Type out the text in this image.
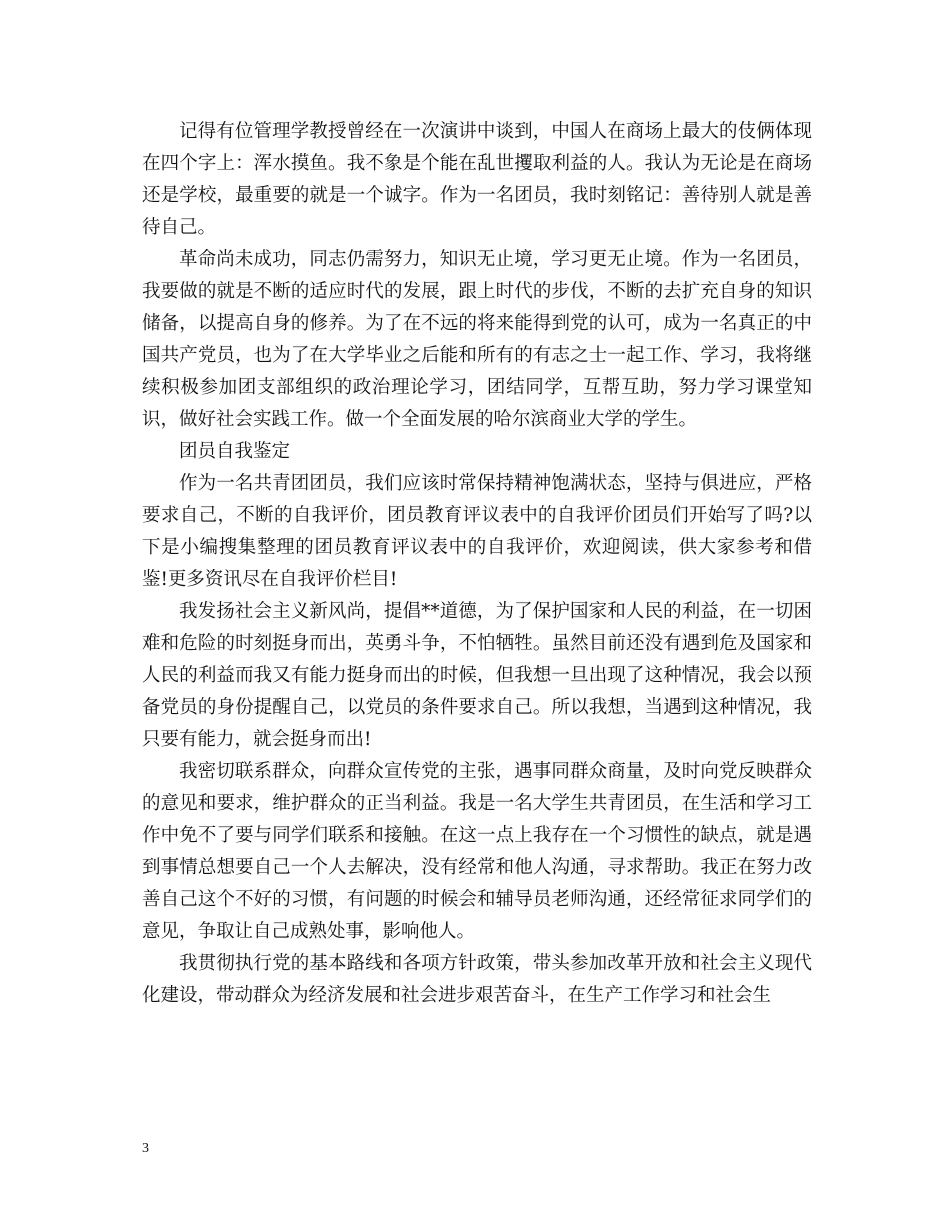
记得有位管理学教授曾经在一次演讲中谈到，中国人在商场上最大的伎俩体现在四个字上：浑水摸鱼。我不象是个能在乱世攫取利益的人。我认为无论是在商场还是学校，最重要的就是一个诚字。作为一名团员，我时刻铭记：善待别人就是善待自己。

革命尚未成功，同志仍需努力，知识无止境，学习更无止境。作为一名团员，我要做的就是不断的适应时代的发展，跟上时代的步伐，不断的去扩充自身的知识储备，以提高自身的修养。为了在不远的将来能得到党的认可，成为一名真正的中国共产党员，也为了在大学毕业之后能和所有的有志之士一起工作、学习，我将继续积极参加团支部组织的政治理论学习，团结同学，互帮互助，努力学习课堂知识，做好社会实践工作。做一个全面发展的哈尔滨商业大学的学生。

团员自我鉴定

作为一名共青团团员，我们应该时常保持精神饱满状态，坚持与俱进应，严格要求自己，不断的自我评价，团员教育评议表中的自我评价团员们开始写了吗?以下是小编搜集整理的团员教育评议表中的自我评价，欢迎阅读，供大家参考和借鉴!更多资讯尽在自我评价栏目!

我发扬社会主义新风尚，提倡**道德，为了保护国家和人民的利益，在一切困难和危险的时刻挺身而出，英勇斗争，不怕牺牲。虽然目前还没有遇到危及国家和人民的利益而我又有能力挺身而出的时候，但我想一旦出现了这种情况，我会以预备党员的身份提醒自己，以党员的条件要求自己。所以我想，当遇到这种情况，我只要有能力，就会挺身而出!

我密切联系群众，向群众宣传党的主张，遇事同群众商量，及时向党反映群众的意见和要求，维护群众的正当利益。我是一名大学生共青团员，在生活和学习工作中免不了要与同学们联系和接触。在这一点上我存在一个习惯性的缺点，就是遇到事情总想要自己一个人去解决，没有经常和他人沟通，寻求帮助。我正在努力改善自己这个不好的习惯，有问题的时候会和辅导员老师沟通，还经常征求同学们的意见，争取让自己成熟处事，影响他人。

我贯彻执行党的基本路线和各项方针政策，带头参加改革开放和社会主义现代化建设，带动群众为经济发展和社会进步艰苦奋斗，在生产工作学习和社会生

3
